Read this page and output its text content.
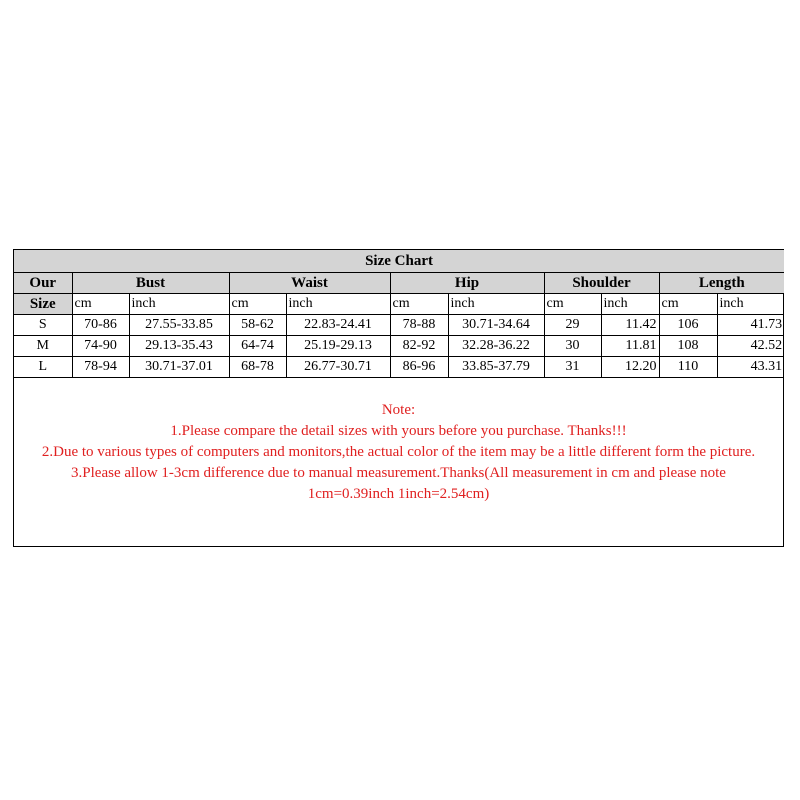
Size Chart										
Our	Bust		Waist		Hip		Shoulder		Length	
Size	cm	inch	cm	inch	cm	inch	cm	inch	cm	inch
S	70-86	27.55-33.85	58-62	22.83-24.41	78-88	30.71-34.64	29	11.42	106	41.73
M	74-90	29.13-35.43	64-74	25.19-29.13	82-92	32.28-36.22	30	11.81	108	42.52
L	78-94	30.71-37.01	68-78	26.77-30.71	86-96	33.85-37.79	31	12.20	110	43.31
Note:
1.Please compare the detail sizes with yours before you purchase. Thanks!!!
2.Due to various types of computers and monitors,the actual color of the item may be a little different form the picture.
3.Please allow 1-3cm difference due to manual measurement.Thanks(All measurement in cm and please note 1cm=0.39inch 1inch=2.54cm)
